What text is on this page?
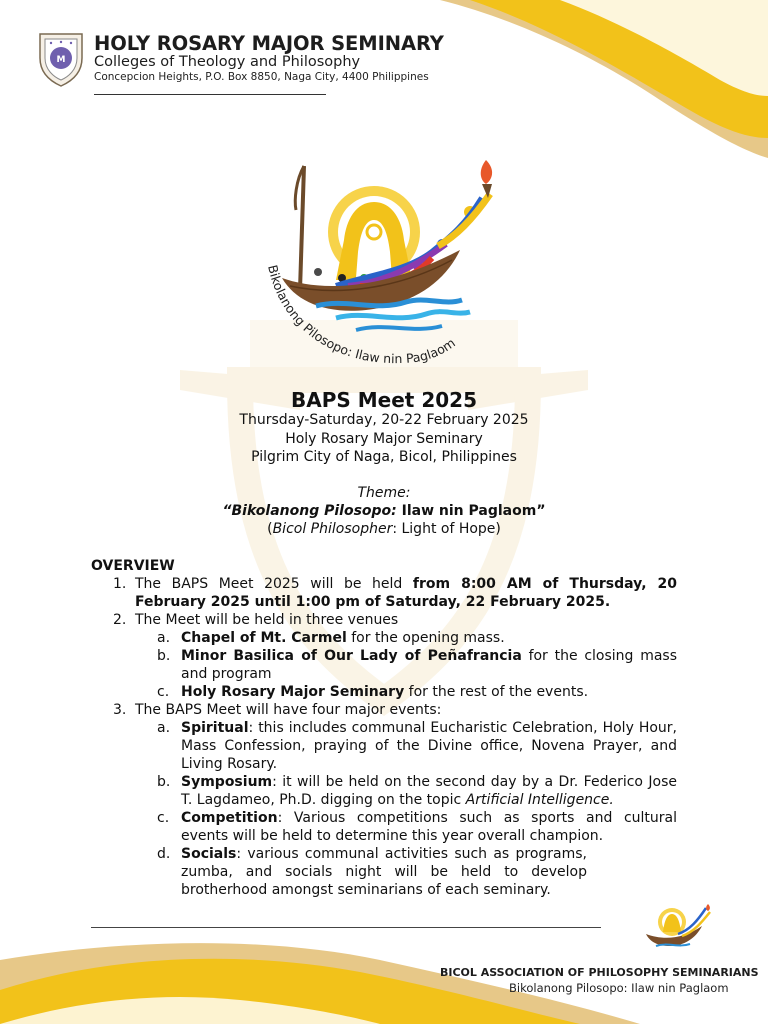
M
HOLY ROSARY MAJOR SEMINARY
Colleges of Theology and Philosophy
Concepcion Heights, P.O. Box 8850, Naga City, 4400 Philippines
Bikolanong Pilosopo: Ilaw nin Paglaom
BAPS Meet 2025
Thursday-Saturday, 20-22 February 2025
Holy Rosary Major Seminary
Pilgrim City of Naga, Bicol, Philippines
Theme:
“Bikolanong Pilosopo: Ilaw nin Paglaom”
(Bicol Philosopher: Light of Hope)
OVERVIEW
1. The BAPS Meet 2025 will be held from 8:00 AM of Thursday, 20 February 2025 until 1:00 pm of Saturday, 22 February 2025.
2. The Meet will be held in three venues
a. Chapel of Mt. Carmel for the opening mass.
b. Minor Basilica of Our Lady of Peñafrancia for the closing mass and program
c. Holy Rosary Major Seminary for the rest of the events.
3. The BAPS Meet will have four major events:
a. Spiritual: this includes communal Eucharistic Celebration, Holy Hour, Mass Confession, praying of the Divine office, Novena Prayer, and Living Rosary.
b. Symposium: it will be held on the second day by a Dr. Federico Jose T. Lagdameo, Ph.D. digging on the topic Artificial Intelligence.
c. Competition: Various competitions such as sports and cultural events will be held to determine this year overall champion.
d. Socials: various communal activities such as programs, zumba, and socials night will be held to develop brotherhood amongst seminarians of each seminary.
BICOL ASSOCIATION OF PHILOSOPHY SEMINARIANS
Bikolanong Pilosopo: Ilaw nin Paglaom
